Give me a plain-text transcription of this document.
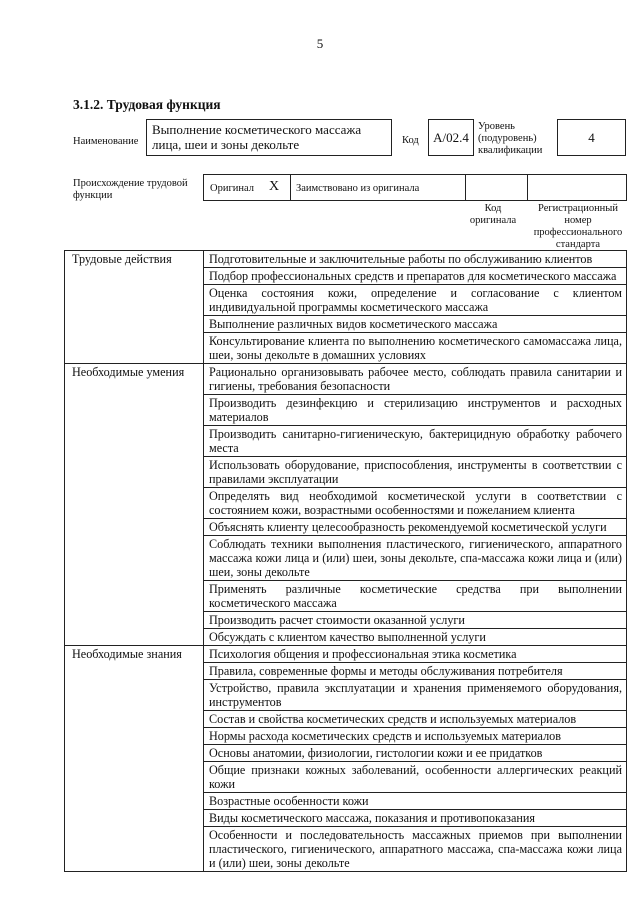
5
3.1.2. Трудовая функция
Наименование
Выполнение косметического массажа лица, шеи и зоны декольте	Код A/02.4
Уровень (подуровень) квалификации
4
Происхождение трудовой функции
Оригинал X Заимствовано из оригинала
Код оригинала
Регистрационный номер профессионального стандарта
Трудовые действия	Подготовительные и заключительные работы по обслуживанию клиентов
	Подбор профессиональных средств и препаратов для косметического массажа
	Оценка состояния кожи, определение и согласование с клиентом индивидуальной программы косметического массажа
	Выполнение различных видов косметического массажа
	Консультирование клиента по выполнению косметического самомассажа лица, шеи, зоны декольте в домашних условиях
Необходимые умения	Рационально организовывать рабочее место, соблюдать правила санитарии и гигиены, требования безопасности
	Производить дезинфекцию и стерилизацию инструментов и расходных материалов
	Производить санитарно-гигиеническую, бактерицидную обработку рабочего места
	Использовать оборудование, приспособления, инструменты в соответствии с правилами эксплуатации
	Определять вид необходимой косметической услуги в соответствии с состоянием кожи, возрастными особенностями и пожеланием клиента
	Объяснять клиенту целесообразность рекомендуемой косметической услуги
	Соблюдать техники выполнения пластического, гигиенического, аппаратного массажа кожи лица и (или) шеи, зоны декольте, спа-массажа кожи лица и (или) шеи, зоны декольте
	Применять различные косметические средства при выполнении косметического массажа
	Производить расчет стоимости оказанной услуги
	Обсуждать с клиентом качество выполненной услуги
Необходимые знания	Психология общения и профессиональная этика косметика
	Правила, современные формы и методы обслуживания потребителя
	Устройство, правила эксплуатации и хранения применяемого оборудования, инструментов
	Состав и свойства косметических средств и используемых материалов
	Нормы расхода косметических средств и используемых материалов
	Основы анатомии, физиологии, гистологии кожи и ее придатков
	Общие признаки кожных заболеваний, особенности аллергических реакций кожи
	Возрастные особенности кожи
	Виды косметического массажа, показания и противопоказания
	Особенности и последовательность массажных приемов при выполнении пластического, гигиенического, аппаратного массажа, спа-массажа кожи лица и (или) шеи, зоны декольте
